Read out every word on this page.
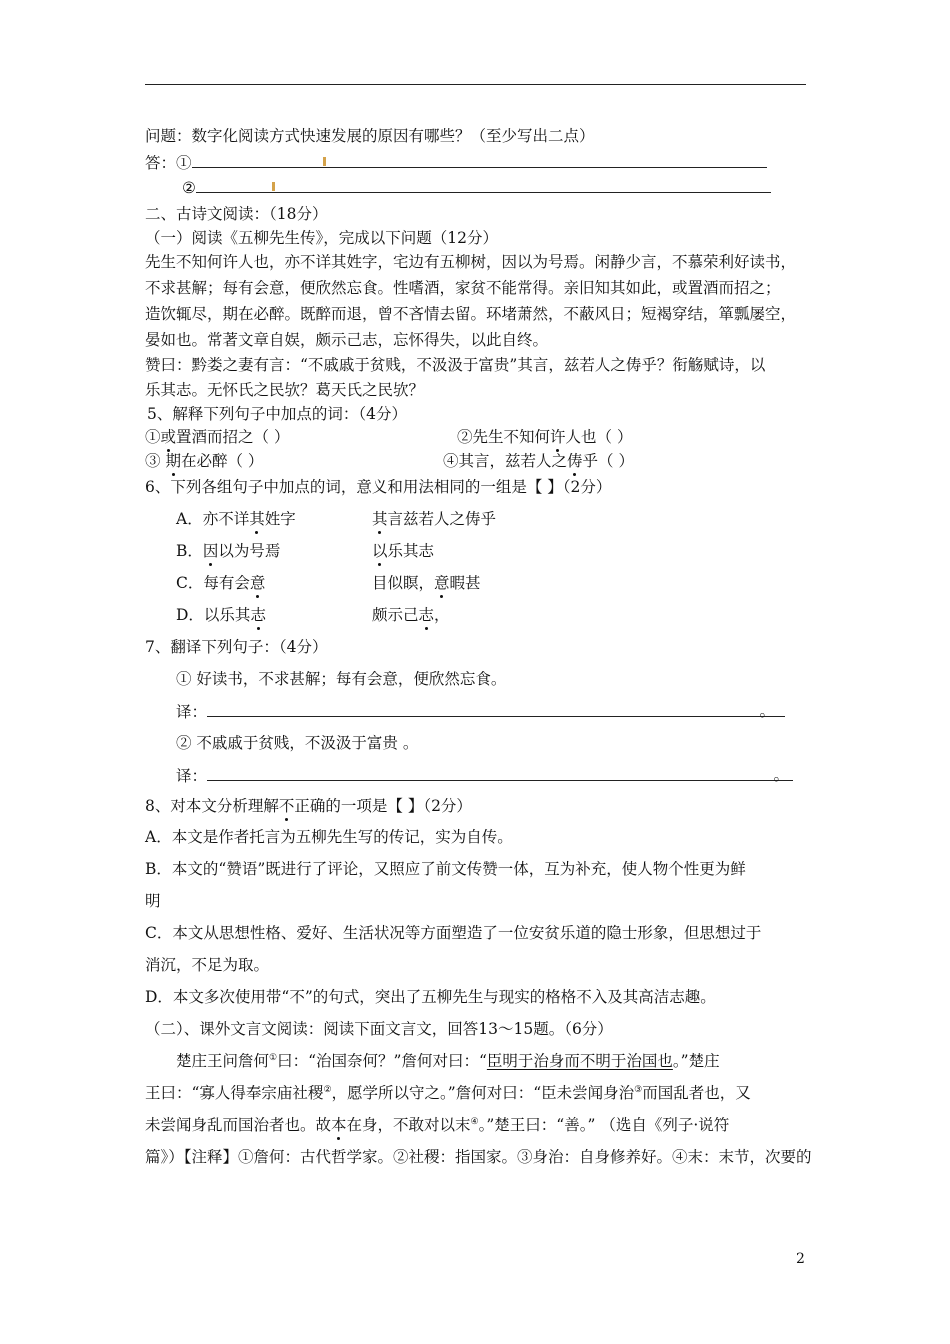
问题：数字化阅读方式快速发展的原因有哪些？（至少写出二点）
答：①
②
二、古诗文阅读：（18分）
（一）阅读《五柳先生传》，完成以下问题（12分）
先生不知何许人也，亦不详其姓字，宅边有五柳树，因以为号焉。闲静少言，不慕荣利好读书，
不求甚解；每有会意，便欣然忘食。性嗜酒，家贫不能常得。亲旧知其如此，或置酒而招之；
造饮辄尽，期在必醉。既醉而退，曾不吝情去留。环堵萧然，不蔽风日；短褐穿结，箪瓢屡空，
晏如也。常著文章自娱，颇示己志，忘怀得失，以此自终。
赞曰：黔娄之妻有言：“不戚戚于贫贱，不汲汲于富贵”其言，兹若人之俦乎？衔觞赋诗，以
乐其志。无怀氏之民欤？葛天氏之民欤？
5、解释下列句子中加点的词：（4分）
①或置酒而招之（ ）	②先生不知何许人也（ ）
③ 期在必醉（ ）	④其言，兹若人之俦乎（ ）
6、下列各组句子中加点的词，意义和用法相同的一组是【 】（2分）
A．亦不详其姓字	其言兹若人之俦乎
B．因以为号焉	以乐其志
C．每有会意	目似瞑，意暇甚
D．以乐其志	颇示己志，
7、翻译下列句子：（4分）
① 好读书，不求甚解；每有会意，便欣然忘食。
译：	。
② 不戚戚于贫贱，不汲汲于富贵 。
译：	。
8、对本文分析理解不正确的一项是【 】（2分）
A．本文是作者托言为五柳先生写的传记，实为自传。
B．本文的“赞语”既进行了评论，又照应了前文传赞一体，互为补充，使人物个性更为鲜
明
C．本文从思想性格、爱好、生活状况等方面塑造了一位安贫乐道的隐士形象，但思想过于
消沉，不足为取。
D．本文多次使用带“不”的句式，突出了五柳先生与现实的格格不入及其高洁志趣。
（二）、课外文言文阅读：阅读下面文言文，回答13～15题。（6分）
楚庄王问詹何①曰：“治国奈何？”詹何对曰：“臣明于治身而不明于治国也。”楚庄
王曰：“寡人得奉宗庙社稷②，愿学所以守之。”詹何对曰：“臣未尝闻身治③而国乱者也，又
未尝闻身乱而国治者也。故本在身，不敢对以末④。”楚王曰：“善。” （选自《列子·说符
篇》）【注释】①詹何：古代哲学家。②社稷：指国家。③身治：自身修养好。④末：末节，次要的
2
